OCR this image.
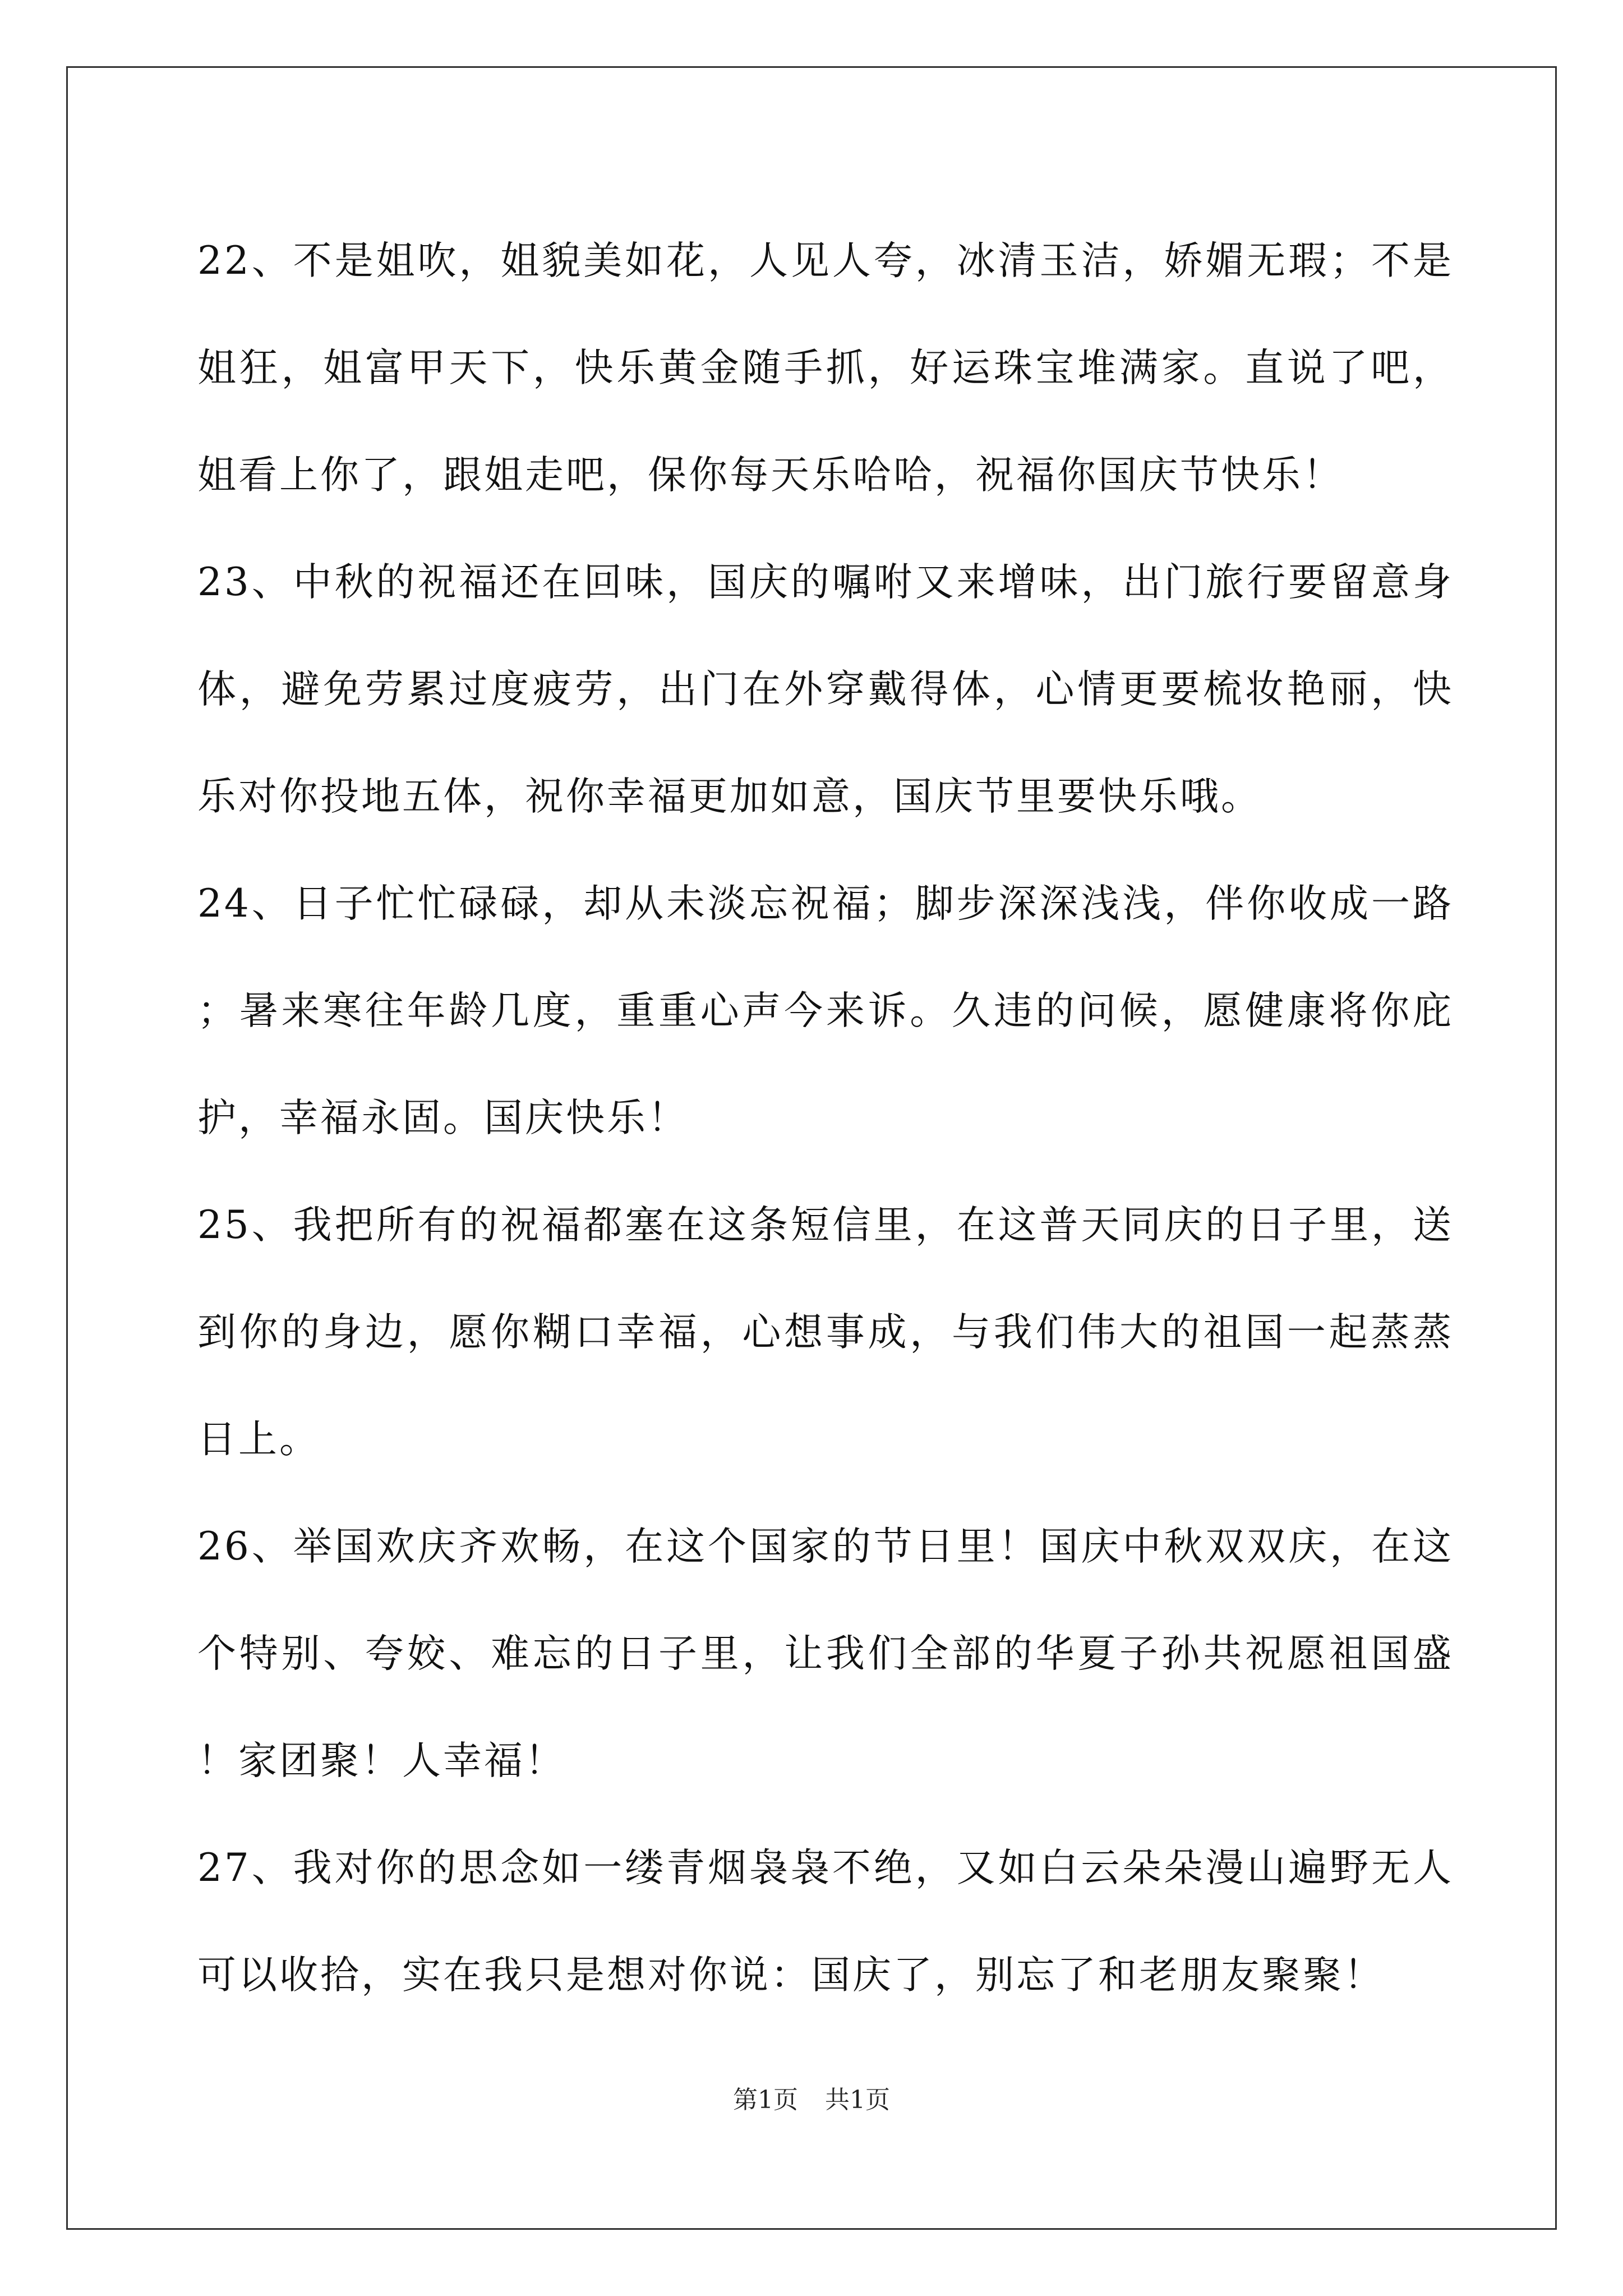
22、不是姐吹，姐貌美如花，人见人夸，冰清玉洁，娇媚无瑕；不是姐狂，姐富甲天下，快乐黄金随手抓，好运珠宝堆满家。直说了吧，姐看上你了，跟姐走吧，保你每天乐哈哈，祝福你国庆节快乐！

23、中秋的祝福还在回味，国庆的嘱咐又来增味，出门旅行要留意身体，避免劳累过度疲劳，出门在外穿戴得体，心情更要梳妆艳丽，快乐对你投地五体，祝你幸福更加如意，国庆节里要快乐哦。

24、日子忙忙碌碌，却从未淡忘祝福；脚步深深浅浅，伴你收成一路；暑来寒往年龄几度，重重心声今来诉。久违的问候，愿健康将你庇护，幸福永固。国庆快乐！

25、我把所有的祝福都塞在这条短信里，在这普天同庆的日子里，送到你的身边，愿你糊口幸福，心想事成，与我们伟大的祖国一起蒸蒸日上。

26、举国欢庆齐欢畅，在这个国家的节日里！国庆中秋双双庆，在这个特别、夸姣、难忘的日子里，让我们全部的华夏子孙共祝愿祖国盛！家团聚！人幸福！

27、我对你的思念如一缕青烟袅袅不绝，又如白云朵朵漫山遍野无人可以收拾，实在我只是想对你说：国庆了，别忘了和老朋友聚聚！

第1页 共1页
